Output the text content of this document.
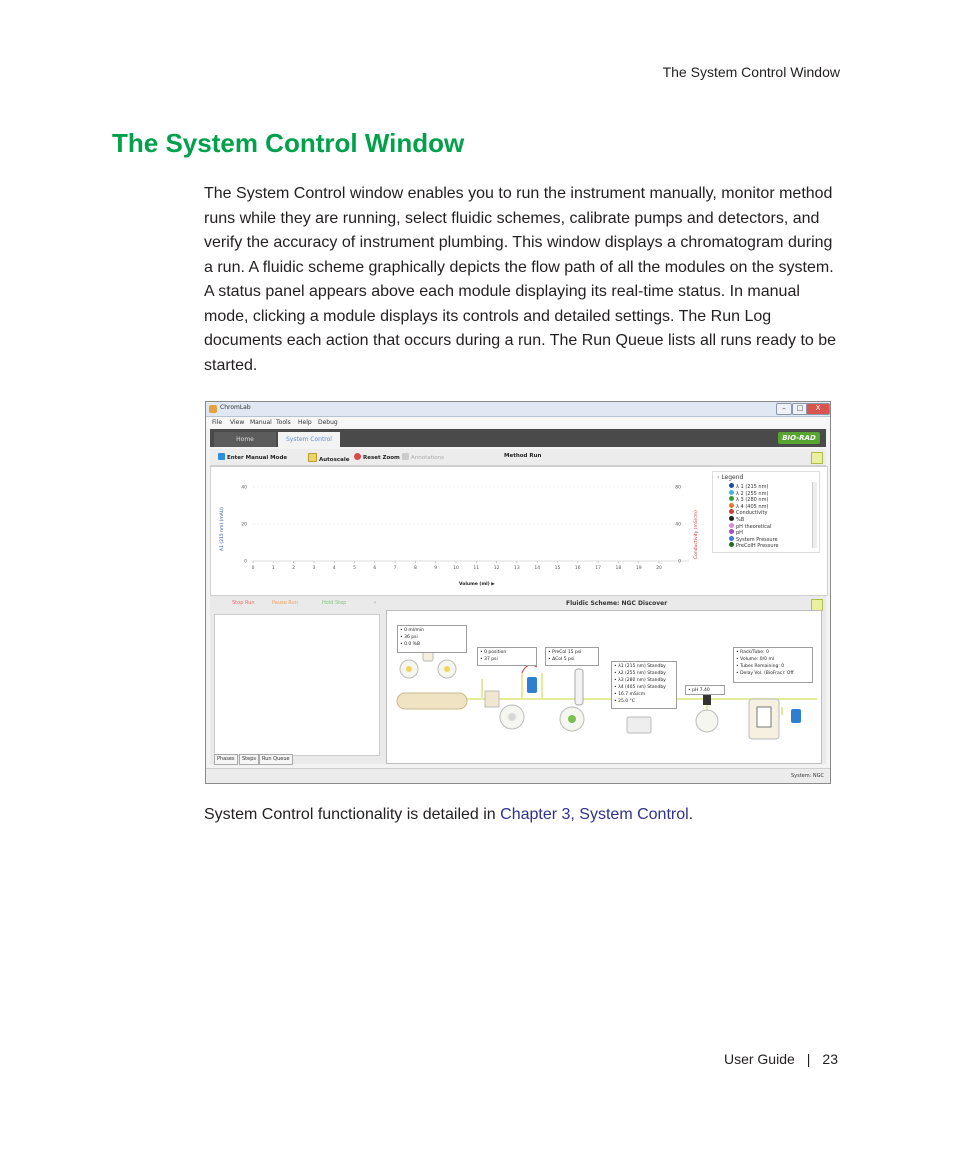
The System Control Window
The System Control Window

The System Control window enables you to run the instrument manually, monitor method runs while they are running, select fluidic schemes, calibrate pumps and detectors, and verify the accuracy of instrument plumbing. This window displays a chromatogram during a run. A fluidic scheme graphically depicts the flow path of all the modules on the system. A status panel appears above each module displaying its real-time status. In manual mode, clicking a module displays its controls and detailed settings. The Run Log documents each action that occurs during a run. The Run Queue lists all runs ready to be started.

ChromLab	–	□	X
File View Manual Tools Help Debug
Home	System Control	BIO-RAD
Enter Manual Mode	Autoscale	Reset Zoom	Annotations	Method Run
0	1	2	3	4	5	6	7	8	9	10	11	12	13	14	15	16	17	18	19	20
40
20
0
80
40
0
A1 (215 nm) (mAU)	Conductivity (mS/cm)
Volume (ml) ▶
‹ Legend
λ 1 (215 nm)
λ 2 (255 nm)
λ 3 (280 nm)
λ 4 (405 nm)
Conductivity
%B
pH theoretical
pH
System Pressure
PreColH Pressure
Stop Run	Pause Run	Hold Step	‹	Fluidic Scheme: NGC Discover
Phases	Steps	Run Queue
• 0 ml/min
• 36 psi
• 0.0 %B
• 0 position
• 37 psi
• PreCol 15 psi
• ΔCol 5 psi
• λ1 (215 nm) Standby
• λ2 (255 nm) Standby
• λ3 (280 nm) Standby
• λ4 (405 nm) Standby
• 16.7 mS/cm
• 25.0 °C
• pH 7.40
• Rack/Tube: 0
• Volume: 0/0 ml
• Tubes Remaining: 0
• Delay Vol. (BioFrac): Off
System: NGC

System Control functionality is detailed in Chapter 3, System Control.

User Guide | 23
